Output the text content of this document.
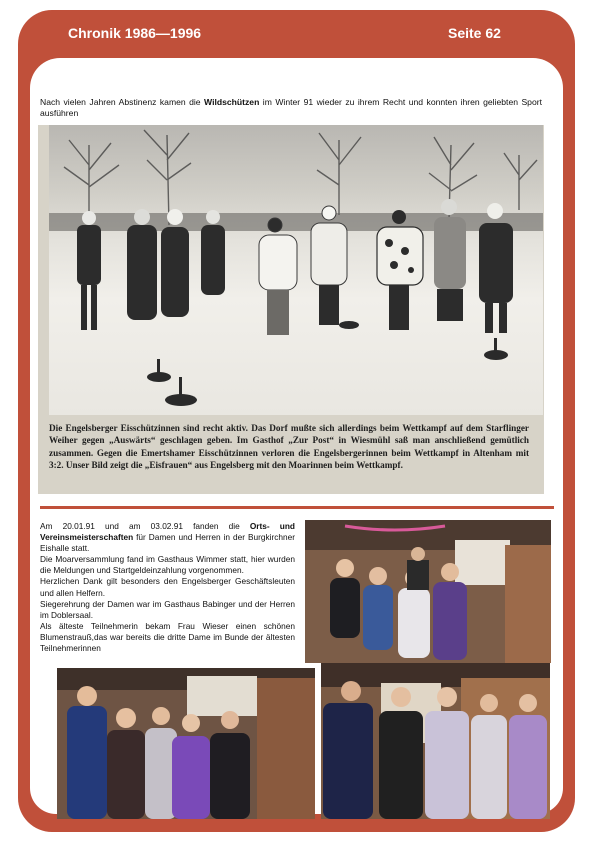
Chronik 1986—1996	Seite 62
Nach vielen Jahren Abstinenz kamen die Wildschützen im Winter 91 wieder zu ihrem Recht und konnten ihren geliebten Sport ausführen
Die Engelsberger Eisschützinnen sind recht aktiv. Das Dorf mußte sich allerdings beim Wettkampf auf dem Starflinger Weiher gegen „Auswärts“ geschlagen geben. Im Gasthof „Zur Post“ in Wiesmühl saß man anschließend gemütlich zusammen. Gegen die Emertshamer Eisschützinnen verloren die Engelsbergerinnen beim Wettkampf in Altenham mit 3:2. Unser Bild zeigt die „Eisfrauen“ aus Engelsberg mit den Moarinnen beim Wettkampf.

Am 20.01.91 und am 03.02.91 fanden die Orts- und Vereinsmeisterschaften für Damen und Herren in der Burgkirchner Eishalle statt.

Die Moarversammlung fand im Gasthaus Wimmer statt, hier wurden die Meldungen und Startgeldeinzahlung vorgenommen.

Herzlichen Dank gilt besonders den Engelsberger Geschäftsleuten und allen Helfern.

Siegerehrung der Damen war im Gasthaus Babinger und der Herren im Doblersaal.

Als älteste Teilnehmerin bekam Frau Wieser einen schönen Blumenstrauß,das war bereits die dritte Dame im Bunde der ältesten Teilnehmerinnen
